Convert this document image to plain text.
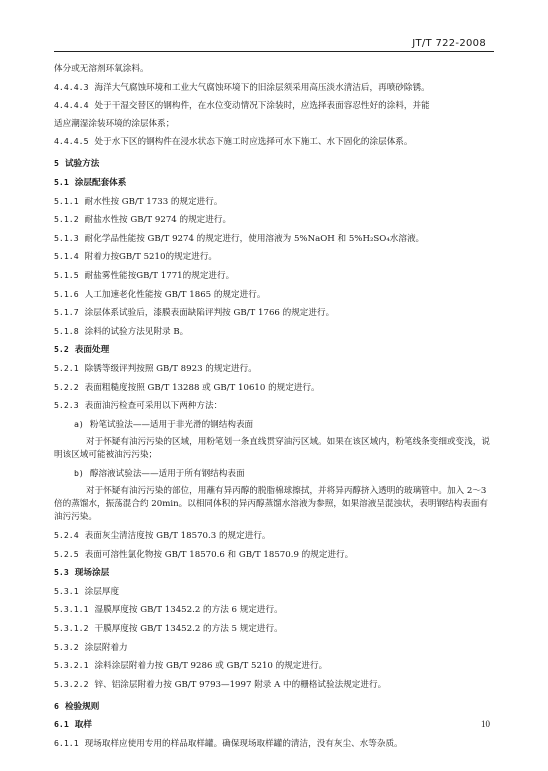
JT/T 722-2008
体分或无溶剂环氧涂料。
4.4.4.3 海洋大气腐蚀环境和工业大气腐蚀环境下的旧涂层须采用高压淡水清洁后，再喷砂除锈。
4.4.4.4 处于干湿交替区的钢构件，在水位变动情况下涂装时，应选择表面容忍性好的涂料，并能
适应潮湿涂装环境的涂层体系；
4.4.4.5 处于水下区的钢构件在浸水状态下施工时应选择可水下施工、水下固化的涂层体系。
5 试验方法
5.1 涂层配套体系
5.1.1 耐水性按 GB/T 1733 的规定进行。
5.1.2 耐盐水性按 GB/T 9274 的规定进行。
5.1.3 耐化学品性能按 GB/T 9274 的规定进行，使用溶液为 5%NaOH 和 5%H₂SO₄水溶液。
5.1.4 附着力按GB/T 5210的规定进行。
5.1.5 耐盐雾性能按GB/T 1771的规定进行。
5.1.6 人工加速老化性能按 GB/T 1865 的规定进行。
5.1.7 涂层体系试验后，漆膜表面缺陷评判按 GB/T 1766 的规定进行。
5.1.8 涂料的试验方法见附录 B。
5.2 表面处理
5.2.1 除锈等级评判按照 GB/T 8923 的规定进行。
5.2.2 表面粗糙度按照 GB/T 13288 或 GB/T 10610 的规定进行。
5.2.3 表面油污检查可采用以下两种方法：
a) 粉笔试验法——适用于非光滑的钢结构表面
对于怀疑有油污污染的区域，用粉笔划一条直线贯穿油污区域。如果在该区域内，粉笔线条变细或变浅，说明该区域可能被油污污染；
b) 醇溶液试验法——适用于所有钢结构表面
对于怀疑有油污污染的部位，用蘸有异丙醇的脱脂棉球擦拭，并将异丙醇挤入透明的玻璃管中。加入 2～3 倍的蒸馏水，振荡混合约 20min。以相同体积的异丙醇蒸馏水溶液为参照，如果溶液呈混浊状，表明钢结构表面有油污污染。
5.2.4 表面灰尘清洁度按 GB/T 18570.3 的规定进行。
5.2.5 表面可溶性氯化物按 GB/T 18570.6 和 GB/T 18570.9 的规定进行。
5.3 现场涂层
5.3.1 涂层厚度
5.3.1.1 湿膜厚度按 GB/T 13452.2 的方法 6 规定进行。
5.3.1.2 干膜厚度按 GB/T 13452.2 的方法 5 规定进行。
5.3.2 涂层附着力
5.3.2.1 涂料涂层附着力按 GB/T 9286 或 GB/T 5210 的规定进行。
5.3.2.2 锌、铝涂层附着力按 GB/T 9793—1997 附录 A 中的栅格试验法规定进行。
6 检验规则
6.1 取样
6.1.1 现场取样应使用专用的样品取样罐。确保现场取样罐的清洁，没有灰尘、水等杂质。
10
